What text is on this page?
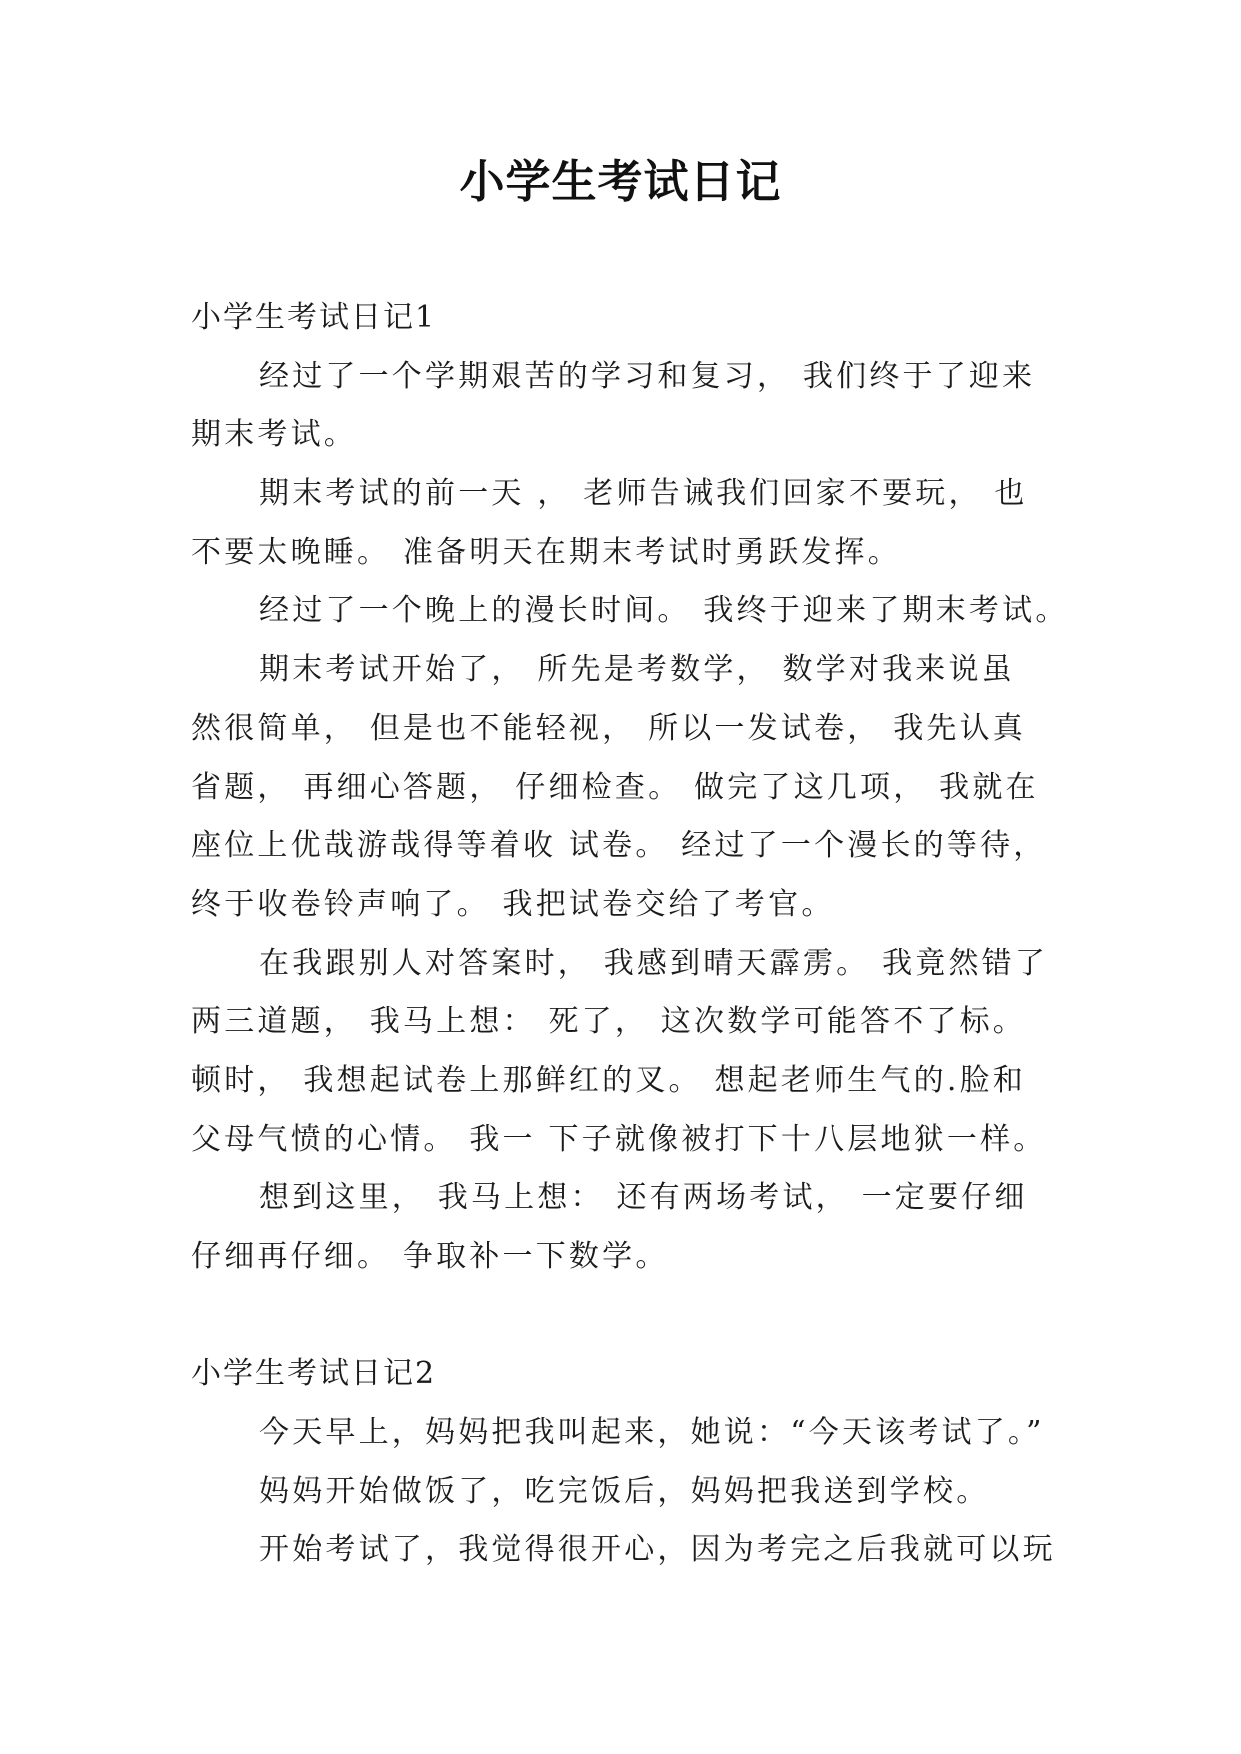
小学生考试日记
小学生考试日记1
经过了一个学期艰苦的学习和复习， 我们终于了迎来
期末考试。
期末考试的前一天 ， 老师告诫我们回家不要玩， 也
不要太晚睡。 准备明天在期末考试时勇跃发挥。
经过了一个晚上的漫长时间。 我终于迎来了期末考试。
期末考试开始了， 所先是考数学， 数学对我来说虽
然很简单， 但是也不能轻视， 所以一发试卷， 我先认真
省题， 再细心答题， 仔细检查。 做完了这几项， 我就在
座位上优哉游哉得等着收 试卷。 经过了一个漫长的等待，
终于收卷铃声响了。 我把试卷交给了考官。
在我跟别人对答案时， 我感到晴天霹雳。 我竟然错了
两三道题， 我马上想： 死了， 这次数学可能答不了标。
顿时， 我想起试卷上那鲜红的叉。 想起老师生气的.脸和
父母气愤的心情。 我一 下子就像被打下十八层地狱一样。
想到这里， 我马上想： 还有两场考试， 一定要仔细
仔细再仔细。 争取补一下数学。
小学生考试日记2
今天早上，妈妈把我叫起来，她说：“今天该考试了。”
妈妈开始做饭了，吃完饭后，妈妈把我送到学校。
开始考试了，我觉得很开心，因为考完之后我就可以玩
